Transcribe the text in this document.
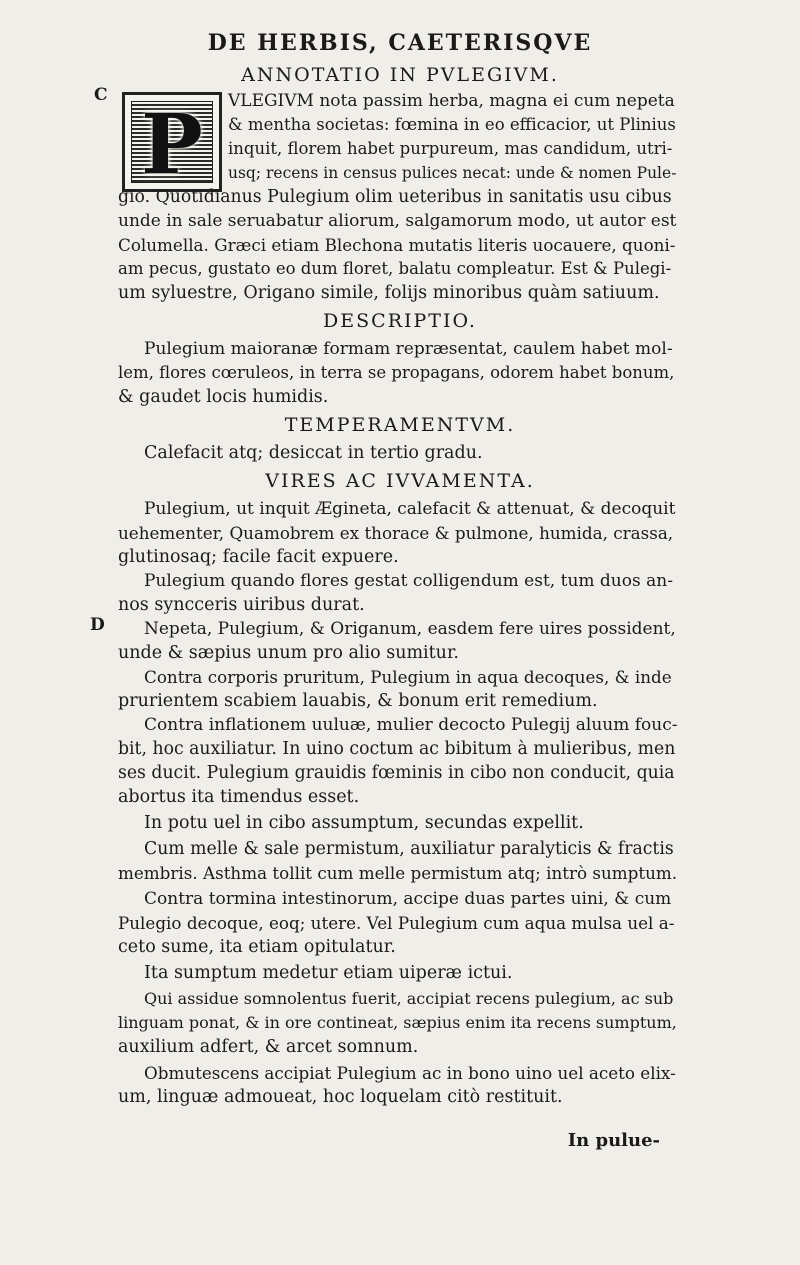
DE HERBIS, CAETERISQVE
C
D
ANNOTATIO IN PVLEGIVM.
P	VLEGIVM nota passim herba, magna ei cum nepeta
& mentha societas: fœmina in eo efficacior, ut Plinius
inquit, florem habet purpureum, mas candidum, utri-
usq; recens in census pulices necat: unde & nomen Pule-
gio. Quotidianus Pulegium olim ueteribus in sanitatis usu cibus
unde in sale seruabatur aliorum, salgamorum modo, ut autor est
Columella. Græci etiam Blechona mutatis literis uocauere, quoni-
am pecus, gustato eo dum floret, balatu compleatur. Est & Pulegi-
um syluestre, Origano simile, folijs minoribus quàm satiuum.
DESCRIPTIO.
Pulegium maioranæ formam repræsentat, caulem habet mol-
lem, flores cœruleos, in terra se propagans, odorem habet bonum,
& gaudet locis humidis.
TEMPERAMENTVM.
Calefacit atq; desiccat in tertio gradu.
VIRES AC IVVAMENTA.
Pulegium, ut inquit Ægineta, calefacit & attenuat, & decoquit
uehementer, Quamobrem ex thorace & pulmone, humida, crassa,
glutinosaq; facile facit expuere.
Pulegium quando flores gestat colligendum est, tum duos an-
nos syncceris uiribus durat.
Nepeta, Pulegium, & Origanum, easdem fere uires possident,
unde & sæpius unum pro alio sumitur.
Contra corporis pruritum, Pulegium in aqua decoques, & inde
prurientem scabiem lauabis, & bonum erit remedium.
Contra inflationem uuluæ, mulier decocto Pulegij aluum fouc-
bit, hoc auxiliatur. In uino coctum ac bibitum à mulieribus, men
ses ducit. Pulegium grauidis fœminis in cibo non conducit, quia
abortus ita timendus esset.
In potu uel in cibo assumptum, secundas expellit.
Cum melle & sale permistum, auxiliatur paralyticis & fractis
membris. Asthma tollit cum melle permistum atq; intrò sumptum.
Contra tormina intestinorum, accipe duas partes uini, & cum
Pulegio decoque, eoq; utere. Vel Pulegium cum aqua mulsa uel a-
ceto sume, ita etiam opitulatur.
Ita sumptum medetur etiam uiperæ ictui.
Qui assidue somnolentus fuerit, accipiat recens pulegium, ac sub
linguam ponat, & in ore contineat, sæpius enim ita recens sumptum,
auxilium adfert, & arcet somnum.
Obmutescens accipiat Pulegium ac in bono uino uel aceto elix-
um, linguæ admoueat, hoc loquelam citò restituit.
In pulue-
